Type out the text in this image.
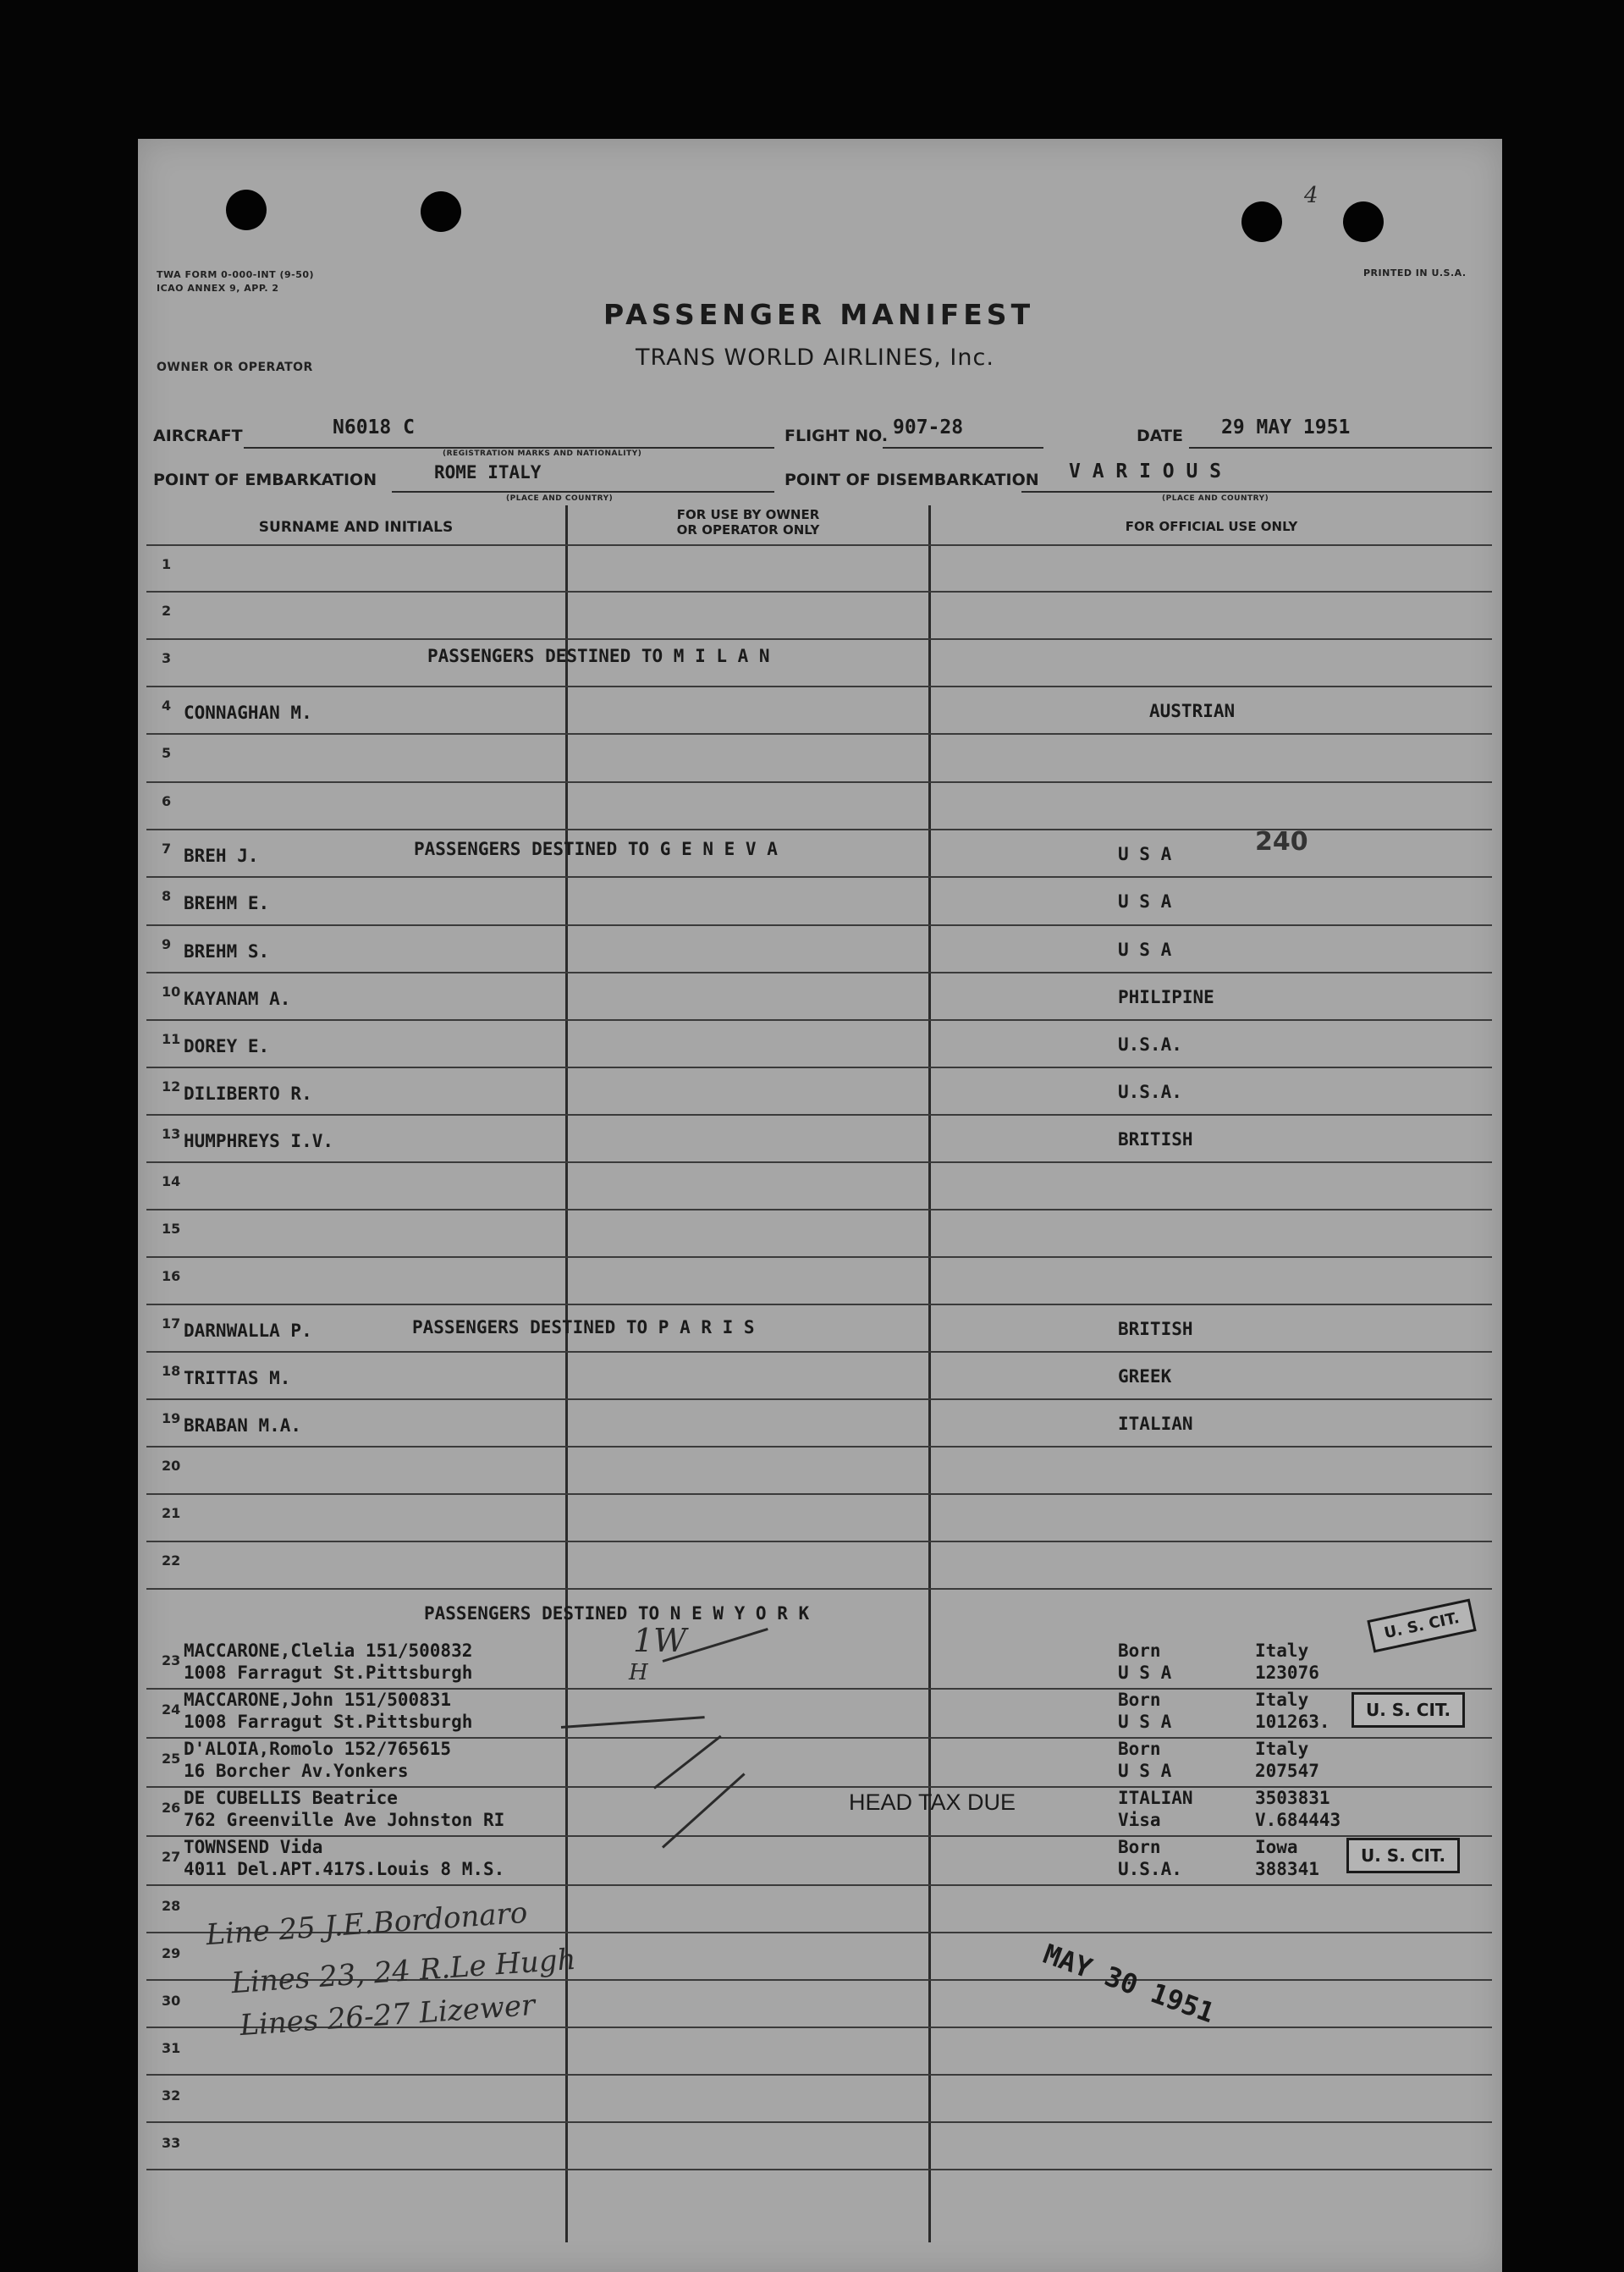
4
TWA FORM 0-000-INT (9-50)
ICAO ANNEX 9, APP. 2
PRINTED IN U.S.A.
PASSENGER MANIFEST
TRANS WORLD AIRLINES, Inc.
OWNER OR OPERATOR
AIRCRAFT	N6018 C
(REGISTRATION MARKS AND NATIONALITY)
FLIGHT NO. 907-28	DATE 29 MAY 1951
POINT OF EMBARKATION	ROME ITALY
(PLACE AND COUNTRY)
POINT OF DISEMBARKATION V A R I O U S
(PLACE AND COUNTRY)
SURNAME AND INITIALS
FOR USE BY OWNER
OR OPERATOR ONLY	FOR OFFICIAL USE ONLY
1
2
3
4 CONNAGHAN M.	AUSTRIAN
5
6
7 BREH J.	U S A
8 BREHM E.	U S A
9 BREHM S.	U S A
10 KAYANAM A.	PHILIPINE
11 DOREY E.	U.S.A.
12 DILIBERTO R.	U.S.A.
13 HUMPHREYS I.V.	BRITISH
14
15
16
17 DARNWALLA P.	BRITISH
18 TRITTAS M.	GREEK
19 BRABAN M.A.	ITALIAN
20
21
22
PASSENGERS DESTINED TO M I L A N
PASSENGERS DESTINED TO G E N E V A	240
PASSENGERS DESTINED TO P A R I S
PASSENGERS DESTINED TO N E W Y O R K
23 MACCARONE,Clelia 151/500832
1008 Farragut St.Pittsburgh
Born	Italy
U S A	123076
24 MACCARONE,John 151/500831
1008 Farragut St.Pittsburgh
Born	Italy
U S A	101263.
25 D'ALOIA,Romolo 152/765615
16 Borcher Av.Yonkers
Born	Italy
U S A	207547
26 DE CUBELLIS Beatrice
762 Greenville Ave Johnston RI
ITALIAN	3503831
Visa	V.684443
27 TOWNSEND Vida
4011 Del.APT.417S.Louis 8 M.S.
Born	Iowa
U.S.A.	388341
28
29
30
31
32
33
HEAD TAX DUE
U. S. CIT.
U. S. CIT.
U. S. CIT.
MAY 30 1951
1W
H
Line 25 J.E.Bordonaro
Lines 23, 24 R.Le Hugh
Lines 26-27 Lizewer
